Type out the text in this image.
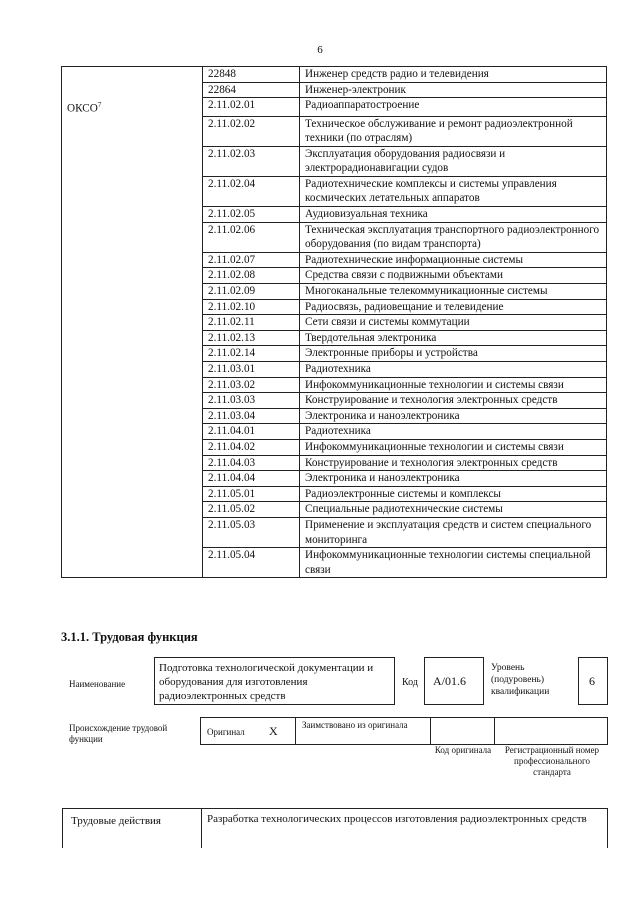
6
	22848	Инженер средств радио и телевидения
	22864	Инженер-электроник
ОКСО$^7$	2.11.02.01	Радиоаппаратостроение
	2.11.02.02	Техническое обслуживание и ремонт радиоэлектронной техники (по отраслям)
	2.11.02.03	Эксплуатация оборудования радиосвязи и электрорадионавигации судов
	2.11.02.04	Радиотехнические комплексы и системы управления космических летательных аппаратов
	2.11.02.05	Аудиовизуальная техника
	2.11.02.06	Техническая эксплуатация транспортного радиоэлектронного оборудования (по видам транспорта)
	2.11.02.07	Радиотехнические информационные системы
	2.11.02.08	Средства связи с подвижными объектами
	2.11.02.09	Многоканальные телекоммуникационные системы
	2.11.02.10	Радиосвязь, радиовещание и телевидение
	2.11.02.11	Сети связи и системы коммутации
	2.11.02.13	Твердотельная электроника
	2.11.02.14	Электронные приборы и устройства
	2.11.03.01	Радиотехника
	2.11.03.02	Инфокоммуникационные технологии и системы связи
	2.11.03.03	Конструирование и технология электронных средств
	2.11.03.04	Электроника и наноэлектроника
	2.11.04.01	Радиотехника
	2.11.04.02	Инфокоммуникационные технологии и системы связи
	2.11.04.03	Конструирование и технология электронных средств
	2.11.04.04	Электроника и наноэлектроника
	2.11.05.01	Радиоэлектронные системы и комплексы
	2.11.05.02	Специальные радиотехнические системы
	2.11.05.03	Применение и эксплуатация средств и систем специального мониторинга
	2.11.05.04	Инфокоммуникационные технологии системы специальной связи
3.1.1. Трудовая функция
Наименование
Подготовка технологической документации и оборудования для изготовления радиоэлектронных средств
Код A/01.6
Уровень (подуровень) квалификации
6
Происхождение трудовой функции
Оригинал X	Заимствовано из оригинала
Код оригинала	Регистрационный номер профессионального стандарта
Трудовые действия	Разработка технологических процессов изготовления радиоэлектронных средств
